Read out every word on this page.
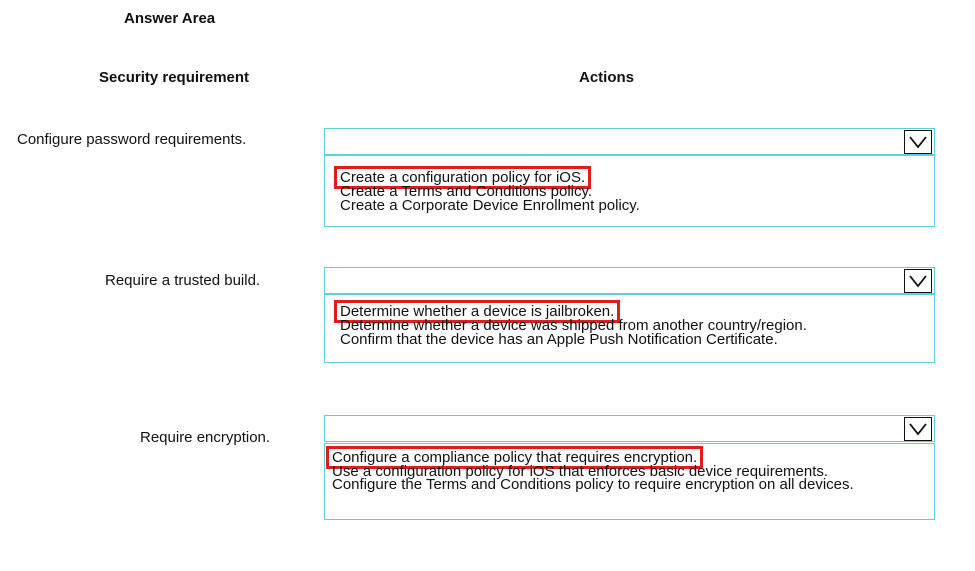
Answer Area
Security requirement	Actions
Configure password requirements.
Create a configuration policy for iOS.
Create a Terms and Conditions policy.
Create a Corporate Device Enrollment policy.
Require a trusted build.
Determine whether a device is jailbroken.
Determine whether a device was shipped from another country/region.
Confirm that the device has an Apple Push Notification Certificate.
Require encryption.
Configure a compliance policy that requires encryption.
Use a configuration policy for iOS that enforces basic device requirements.
Configure the Terms and Conditions policy to require encryption on all devices.
